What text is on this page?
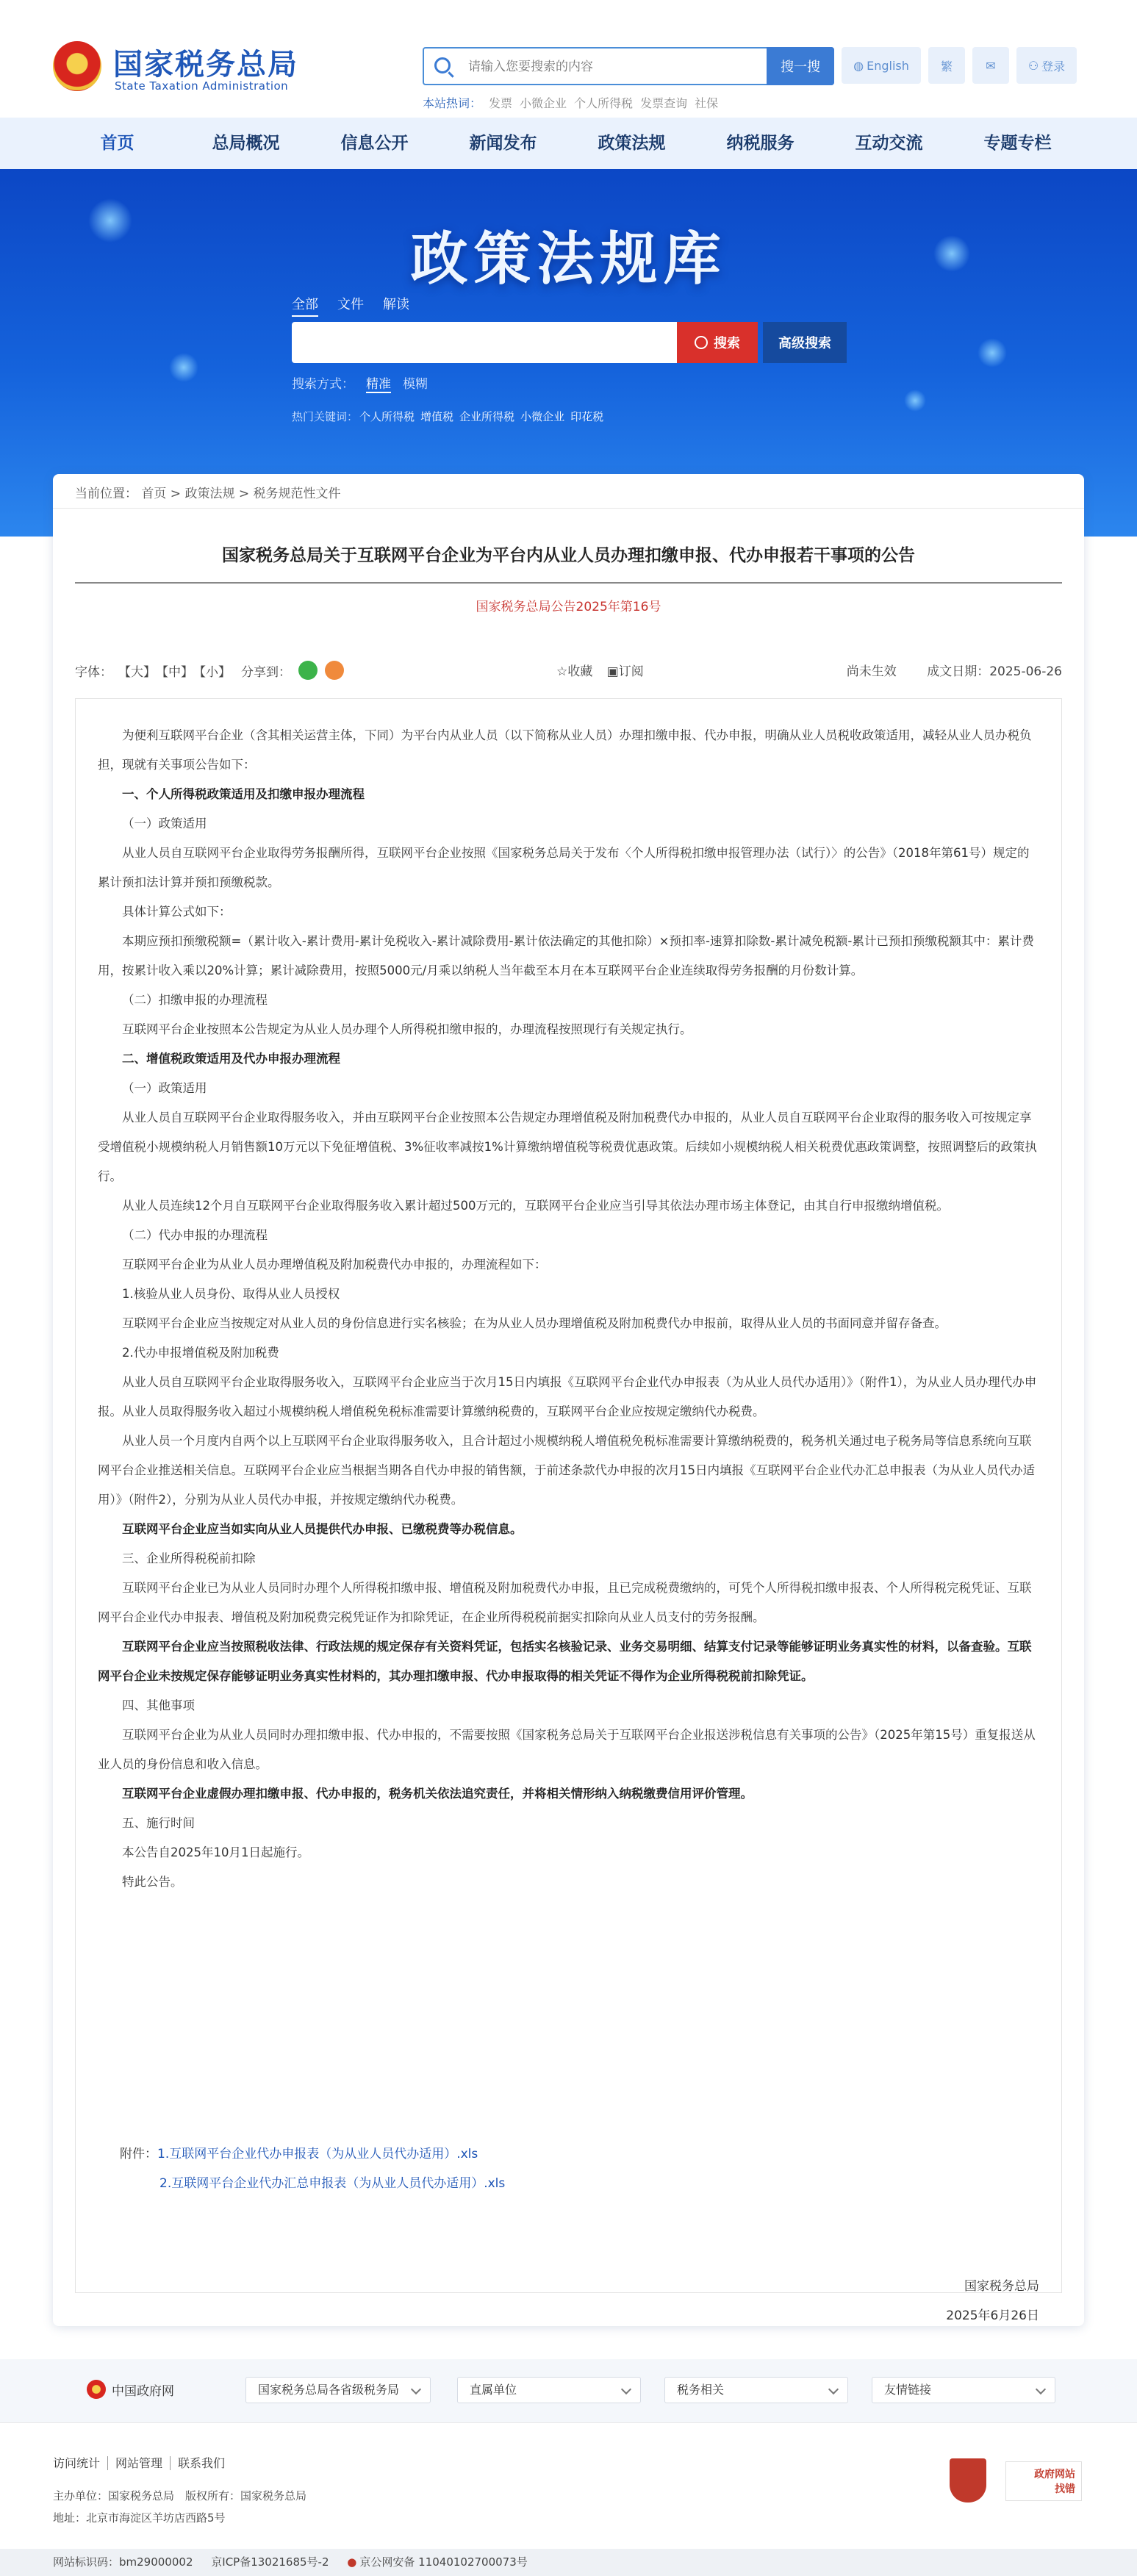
国家税务总局
State Taxation Administration
请输入您要搜索的内容
搜一搜	◍ English	繁	✉	⚇ 登录
本站热词： 发票 小微企业 个人所得税 发票查询 社保
首页	总局概况	信息公开	新闻发布	政策法规	纳税服务	互动交流	专题专栏
政策法规库
全部 文件 解读
搜索	高级搜索
搜索方式： 精准 模糊
热门关键词： 个人所得税 增值税 企业所得税 小微企业 印花税
当前位置： 首页 > 政策法规 > 税务规范性文件
国家税务总局关于互联网平台企业为平台内从业人员办理扣缴申报、代办申报若干事项的公告
国家税务总局公告2025年第16号
字体： 【大】 【中】 【小】 分享到：	☆收藏 ▣订阅	尚未生效 成文日期：2025-06-26

为便利互联网平台企业（含其相关运营主体，下同）为平台内从业人员（以下简称从业人员）办理扣缴申报、代办申报，明确从业人员税收政策适用，减轻从业人员办税负担，现就有关事项公告如下：

一、个人所得税政策适用及扣缴申报办理流程

（一）政策适用

从业人员自互联网平台企业取得劳务报酬所得，互联网平台企业按照《国家税务总局关于发布〈个人所得税扣缴申报管理办法（试行）〉的公告》（2018年第61号）规定的累计预扣法计算并预扣预缴税款。

具体计算公式如下：

本期应预扣预缴税额=（累计收入-累计费用-累计免税收入-累计减除费用-累计依法确定的其他扣除）×预扣率-速算扣除数-累计减免税额-累计已预扣预缴税额其中：累计费用，按累计收入乘以20%计算；累计减除费用，按照5000元/月乘以纳税人当年截至本月在本互联网平台企业连续取得劳务报酬的月份数计算。

（二）扣缴申报的办理流程

互联网平台企业按照本公告规定为从业人员办理个人所得税扣缴申报的，办理流程按照现行有关规定执行。

二、增值税政策适用及代办申报办理流程

（一）政策适用

从业人员自互联网平台企业取得服务收入，并由互联网平台企业按照本公告规定办理增值税及附加税费代办申报的，从业人员自互联网平台企业取得的服务收入可按规定享受增值税小规模纳税人月销售额10万元以下免征增值税、3%征收率减按1%计算缴纳增值税等税费优惠政策。后续如小规模纳税人相关税费优惠政策调整，按照调整后的政策执行。

从业人员连续12个月自互联网平台企业取得服务收入累计超过500万元的，互联网平台企业应当引导其依法办理市场主体登记，由其自行申报缴纳增值税。

（二）代办申报的办理流程

互联网平台企业为从业人员办理增值税及附加税费代办申报的，办理流程如下：

1.核验从业人员身份、取得从业人员授权

互联网平台企业应当按规定对从业人员的身份信息进行实名核验；在为从业人员办理增值税及附加税费代办申报前，取得从业人员的书面同意并留存备查。

2.代办申报增值税及附加税费

从业人员自互联网平台企业取得服务收入，互联网平台企业应当于次月15日内填报《互联网平台企业代办申报表（为从业人员代办适用）》（附件1），为从业人员办理代办申报。从业人员取得服务收入超过小规模纳税人增值税免税标准需要计算缴纳税费的，互联网平台企业应按规定缴纳代办税费。

从业人员一个月度内自两个以上互联网平台企业取得服务收入，且合计超过小规模纳税人增值税免税标准需要计算缴纳税费的，税务机关通过电子税务局等信息系统向互联网平台企业推送相关信息。互联网平台企业应当根据当期各自代办申报的销售额，于前述条款代办申报的次月15日内填报《互联网平台企业代办汇总申报表（为从业人员代办适用）》（附件2），分别为从业人员代办申报，并按规定缴纳代办税费。

互联网平台企业应当如实向从业人员提供代办申报、已缴税费等办税信息。

三、企业所得税税前扣除

互联网平台企业已为从业人员同时办理个人所得税扣缴申报、增值税及附加税费代办申报，且已完成税费缴纳的，可凭个人所得税扣缴申报表、个人所得税完税凭证、互联网平台企业代办申报表、增值税及附加税费完税凭证作为扣除凭证，在企业所得税税前据实扣除向从业人员支付的劳务报酬。

互联网平台企业应当按照税收法律、行政法规的规定保存有关资料凭证，包括实名核验记录、业务交易明细、结算支付记录等能够证明业务真实性的材料，以备查验。互联网平台企业未按规定保存能够证明业务真实性材料的，其办理扣缴申报、代办申报取得的相关凭证不得作为企业所得税税前扣除凭证。

四、其他事项

互联网平台企业为从业人员同时办理扣缴申报、代办申报的，不需要按照《国家税务总局关于互联网平台企业报送涉税信息有关事项的公告》（2025年第15号）重复报送从业人员的身份信息和收入信息。

互联网平台企业虚假办理扣缴申报、代办申报的，税务机关依法追究责任，并将相关情形纳入纳税缴费信用评价管理。

五、施行时间

本公告自2025年10月1日起施行。

特此公告。

附件：1.互联网平台企业代办申报表（为从业人员代办适用）.xls
2.互联网平台企业代办汇总申报表（为从业人员代办适用）.xls
国家税务总局
2025年6月26日
中国政府网	国家税务总局各省级税务局	直属单位	税务相关	友情链接
访问统计 网站管理 联系我们
主办单位：国家税务总局　版权所有：国家税务总局
地址：北京市海淀区羊坊店西路5号
政府网站
找错
网站标识码：bm29000002 京ICP备13021685号-2 ● 京公网安备 11040102700073号
